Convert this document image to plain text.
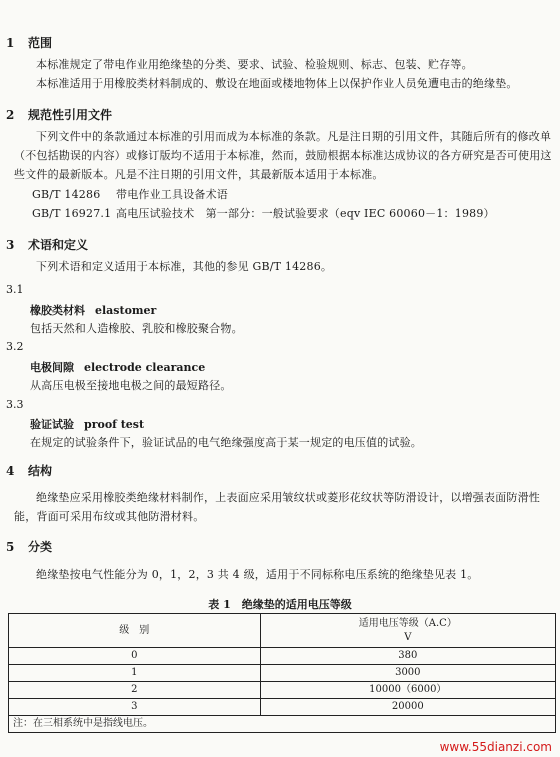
1 范围
本标准规定了带电作业用绝缘垫的分类、要求、试验、检验规则、标志、包装、贮存等。
本标准适用于用橡胶类材料制成的、敷设在地面或楼地物体上以保护作业人员免遭电击的绝缘垫。
2 规范性引用文件
下列文件中的条款通过本标准的引用而成为本标准的条款。凡是注日期的引用文件，其随后所有的修改单（不包括勘误的内容）或修订版均不适用于本标准，然而，鼓励根据本标准达成协议的各方研究是否可使用这些文件的最新版本。凡是不注日期的引用文件，其最新版本适用于本标准。
GB/T 14286 带电作业工具设备术语
GB/T 16927.1 高电压试验技术　第一部分：一般试验要求（eqv IEC 60060－1：1989）
3 术语和定义
下列术语和定义适用于本标准，其他的参见 GB/T 14286。
3.1
橡胶类材料 elastomer
包括天然和人造橡胶、乳胶和橡胶聚合物。
3.2
电极间隙 electrode clearance
从高压电极至接地电极之间的最短路径。
3.3
验证试验 proof test
在规定的试验条件下，验证试品的电气绝缘强度高于某一规定的电压值的试验。
4 结构
绝缘垫应采用橡胶类绝缘材料制作，上表面应采用皱纹状或菱形花纹状等防滑设计，以增强表面防滑性能，背面可采用布纹或其他防滑材料。
5 分类
绝缘垫按电气性能分为 0，1，2，3 共 4 级，适用于不同标称电压系统的绝缘垫见表 1。
表 1　绝缘垫的适用电压等级
级　别	适用电压等级（A.C）
V
0	380
1	3000
2	10000（6000）
3	20000
注：在三相系统中是指线电压。	
www.55dianzi.com
